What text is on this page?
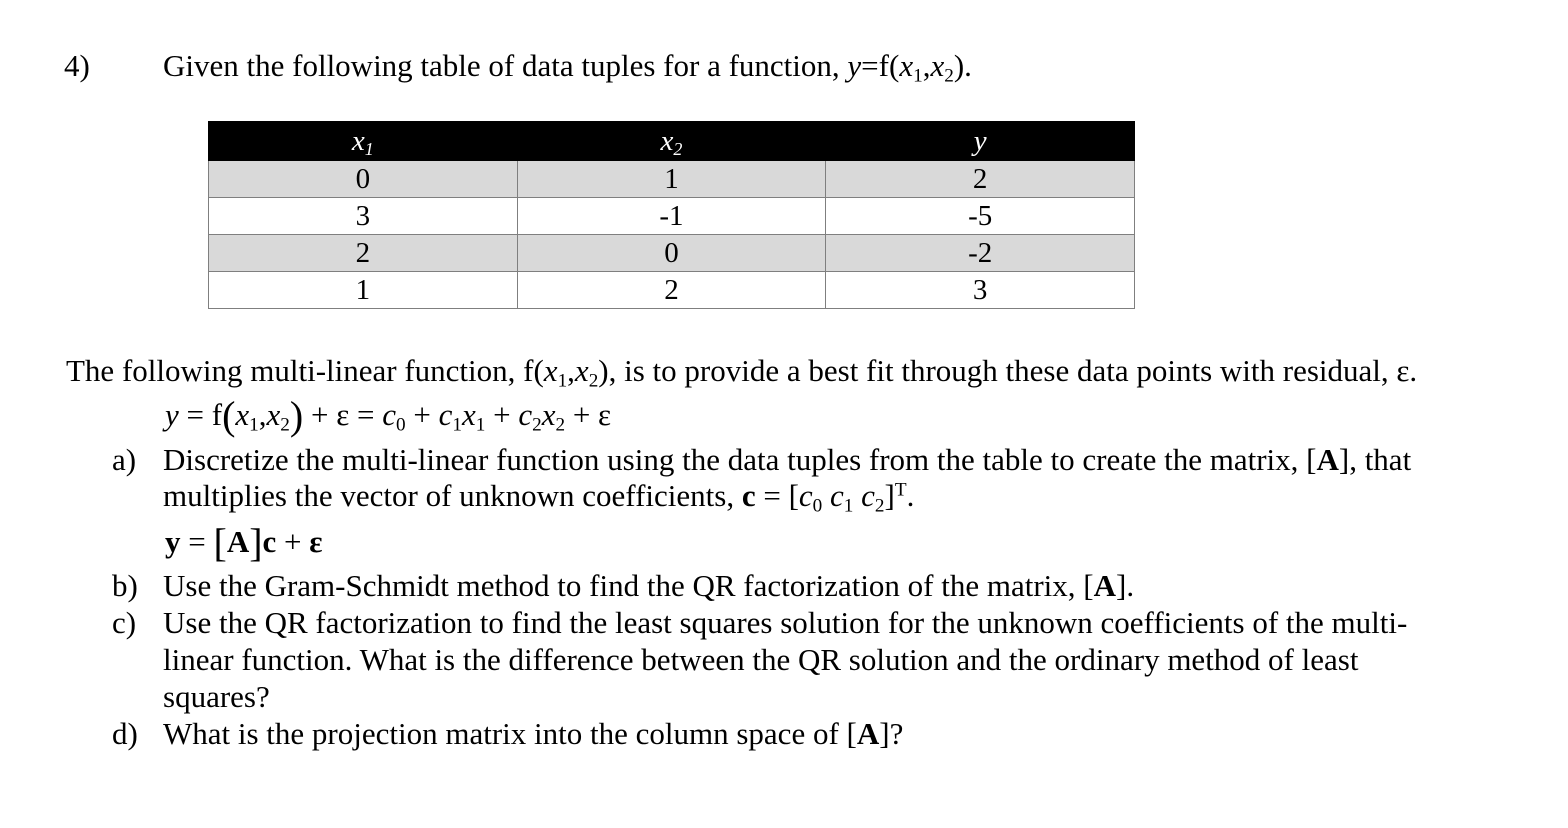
4) Given the following table of data tuples for a function, $y=f(x_1,x_2)$.
$x_1$	$x_2$	y
0	1	2
3	-1	-5
2	0	-2
1	2	3
The following multi-linear function, $f(x_1,x_2)$, is to provide a best fit through these data points with residual, ε.
$y = f(x_1,x_2) + \varepsilon = c_0 + c_1x_1 + c_2x_2 + \varepsilon$
a) Discretize the multi-linear function using the data tuples from the table to create the matrix, [A], that
multiplies the vector of unknown coefficients, $c = [c_0$ $c_1$ $c_2]^T$.
y = [A]c + ε
b) Use the Gram-Schmidt method to find the QR factorization of the matrix, [A].
c) Use the QR factorization to find the least squares solution for the unknown coefficients of the multi-
linear function. What is the difference between the QR solution and the ordinary method of least
squares?
d) What is the projection matrix into the column space of [A]?
